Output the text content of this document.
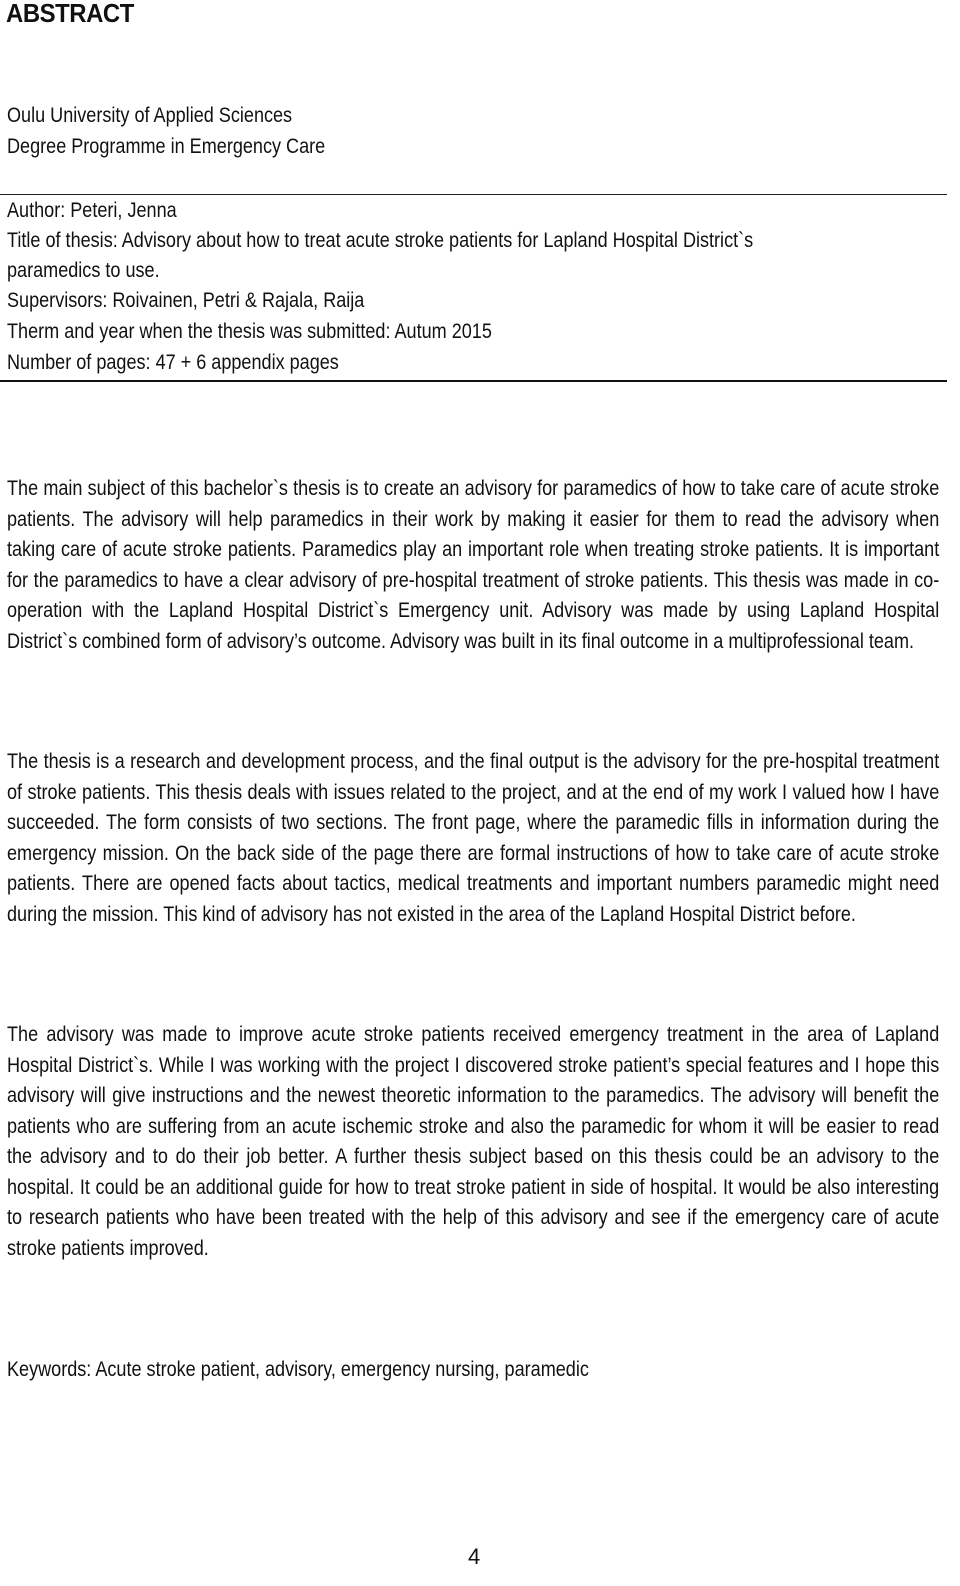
ABSTRACT
Oulu University of Applied Sciences
Degree Programme in Emergency Care
Author: Peteri, Jenna
Title of thesis: Advisory about how to treat acute stroke patients for Lapland Hospital District`s
paramedics to use.
Supervisors: Roivainen, Petri & Rajala, Raija
Therm and year when the thesis was submitted: Autum 2015
Number of pages: 47 + 6 appendix pages

The main subject of this bachelor`s thesis is to create an advisory for paramedics of how to take care of acute stroke patients. The advisory will help paramedics in their work by making it easier for them to read the advisory when taking care of acute stroke patients. Paramedics play an important role when treating stroke patients. It is important for the paramedics to have a clear advisory of pre-hospital treatment of stroke patients. This thesis was made in co-operation with the Lapland Hospital District`s Emergency unit. Advisory was made by using Lapland Hospital District`s combined form of advisory’s outcome. Advisory was built in its final outcome in a multiprofessional team.

The thesis is a research and development process, and the final output is the advisory for the pre-hospital treatment of stroke patients. This thesis deals with issues related to the project, and at the end of my work I valued how I have succeeded. The form consists of two sections. The front page, where the paramedic fills in information during the emergency mission. On the back side of the page there are formal instructions of how to take care of acute stroke patients. There are opened facts about tactics, medical treatments and important numbers paramedic might need during the mission. This kind of advisory has not existed in the area of the Lapland Hospital District before.

The advisory was made to improve acute stroke patients received emergency treatment in the area of Lapland Hospital District`s. While I was working with the project I discovered stroke patient’s special features and I hope this advisory will give instructions and the newest theoretic information to the paramedics. The advisory will benefit the patients who are suffering from an acute ischemic stroke and also the paramedic for whom it will be easier to read the advisory and to do their job better. A further thesis subject based on this thesis could be an advisory to the hospital. It could be an additional guide for how to treat stroke patient in side of hospital. It would be also interesting to research patients who have been treated with the help of this advisory and see if the emergency care of acute stroke patients improved.

Keywords: Acute stroke patient, advisory, emergency nursing, paramedic
4
